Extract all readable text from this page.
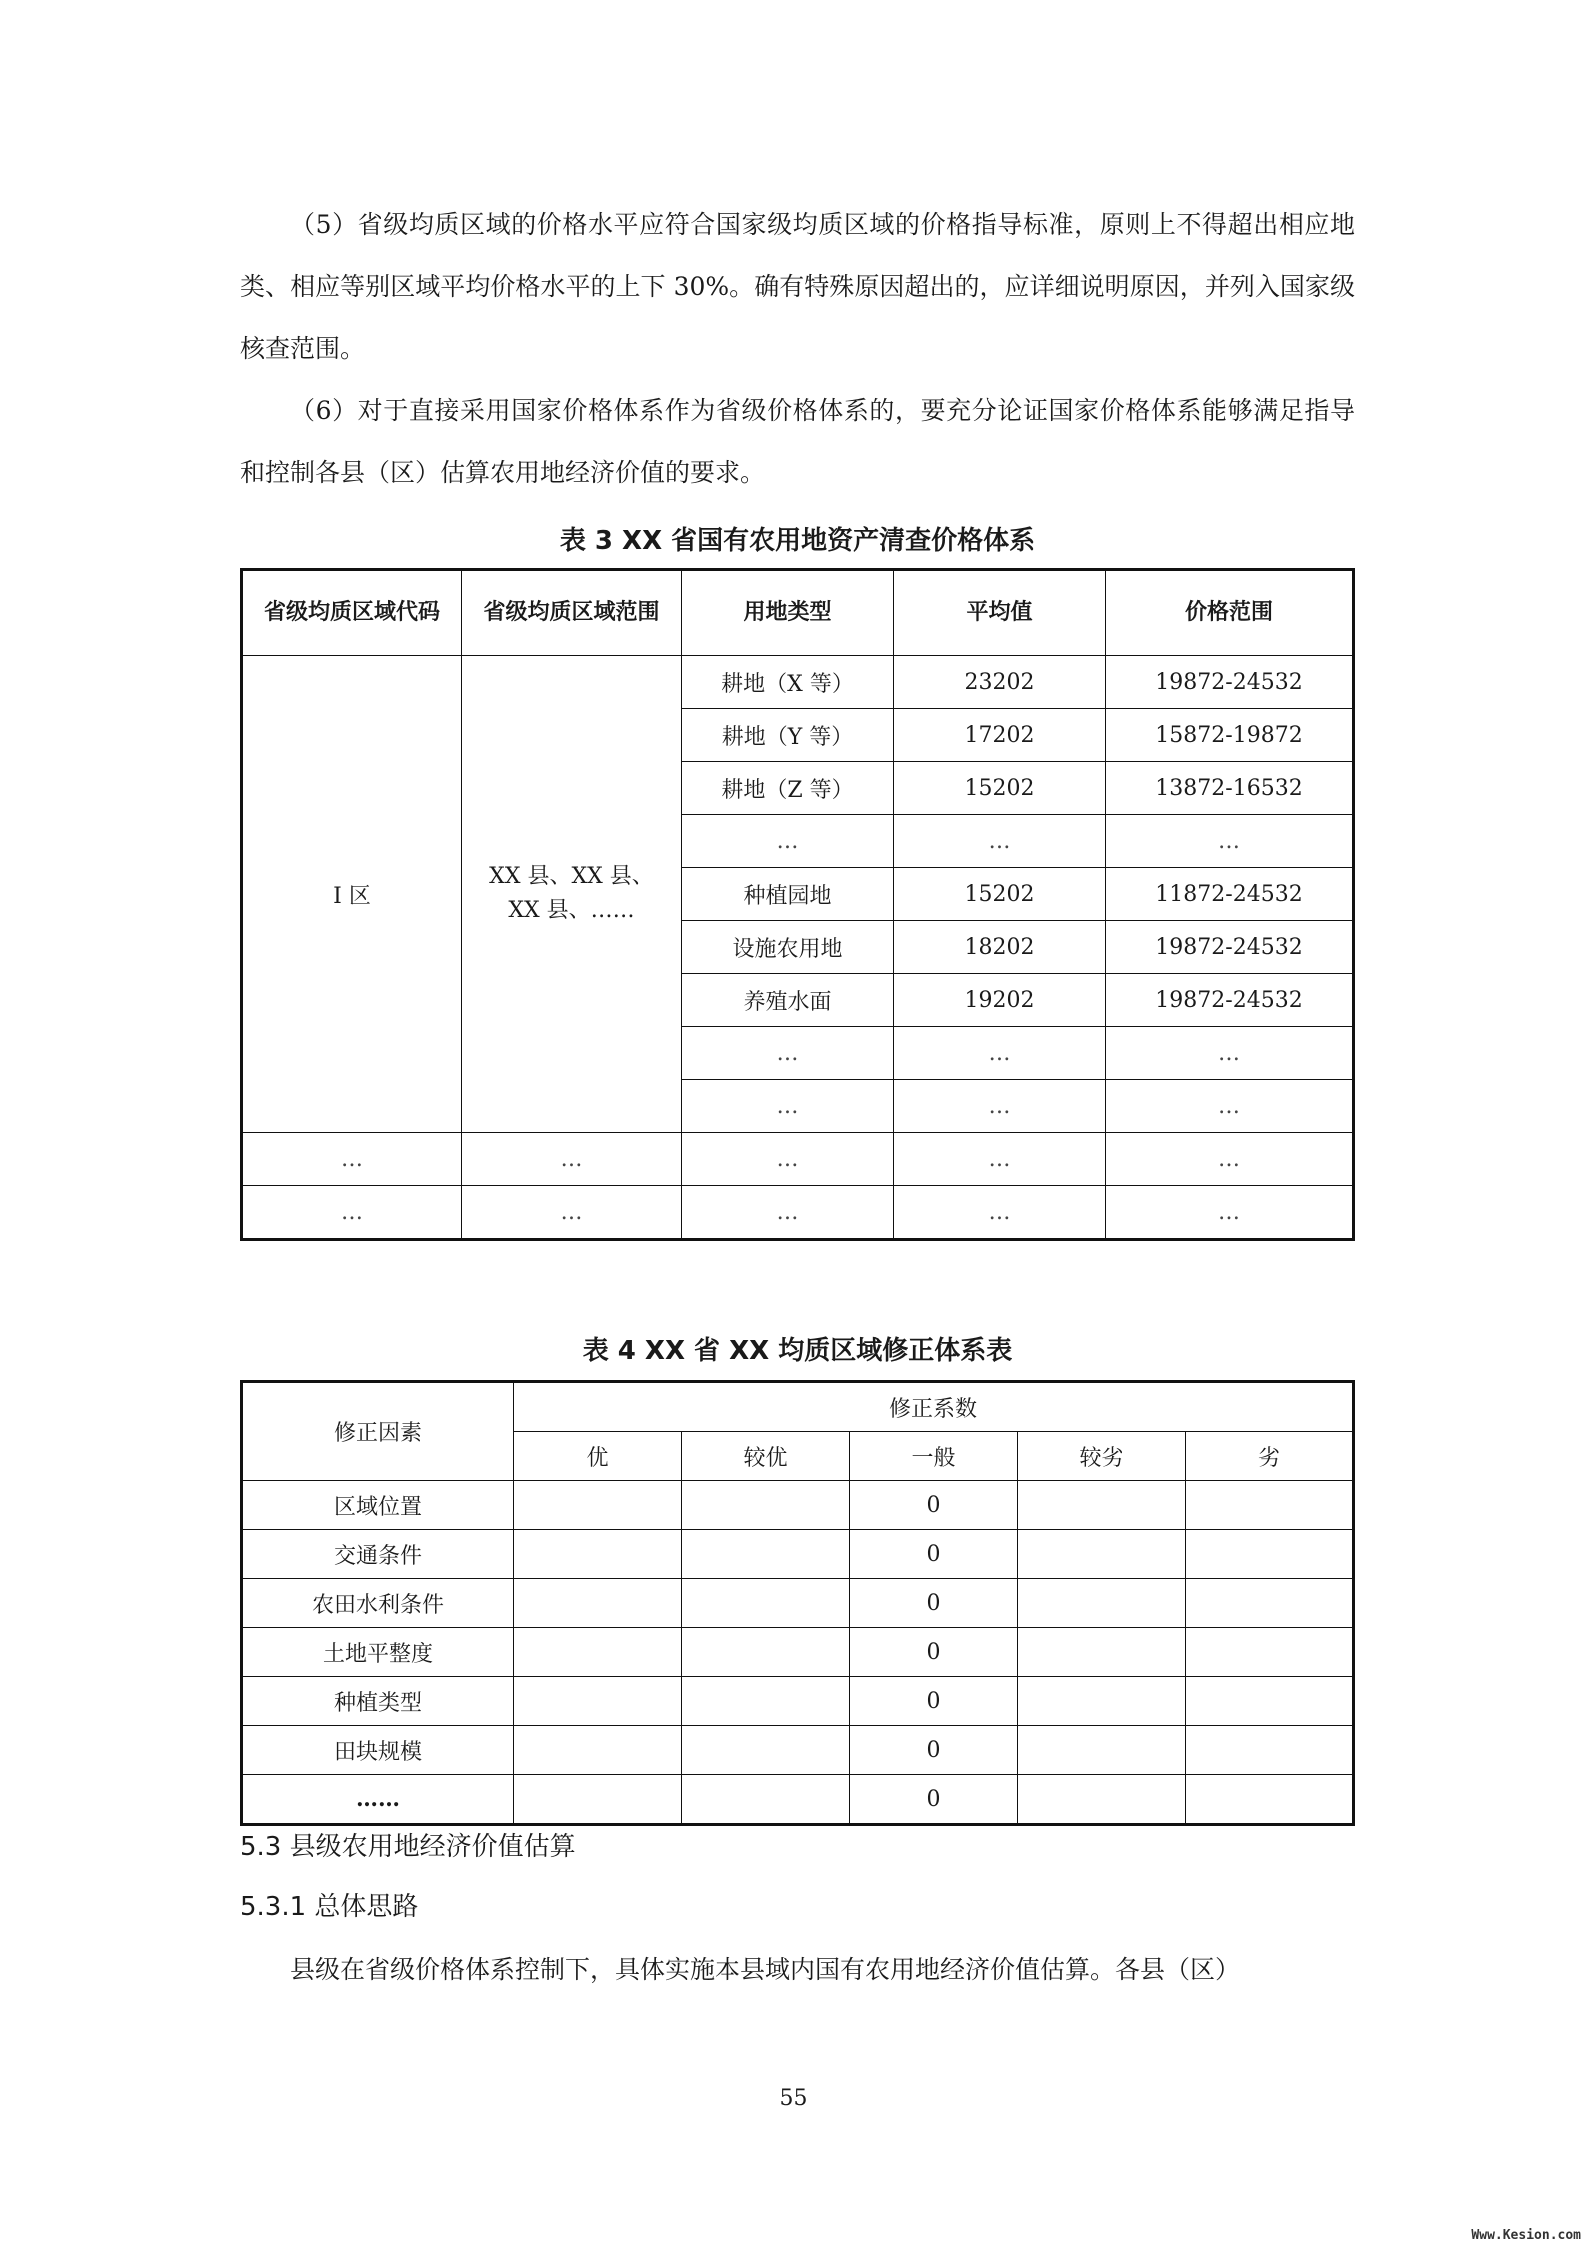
（5）省级均质区域的价格水平应符合国家级均质区域的价格指导标准，原则上不得超出相应地类、相应等别区域平均价格水平的上下 30%。确有特殊原因超出的，应详细说明原因，并列入国家级核查范围。

（6）对于直接采用国家价格体系作为省级价格体系的，要充分论证国家价格体系能够满足指导和控制各县（区）估算农用地经济价值的要求。

表 3 XX 省国有农用地资产清查价格体系

省级均质区域代码	省级均质区域范围	用地类型	平均值	价格范围
I 区	XX 县、XX 县、
XX 县、……	耕地（X 等）	23202	19872-24532
		耕地（Y 等）	17202	15872-19872
		耕地（Z 等）	15202	13872-16532
		…	…	…
		种植园地	15202	11872-24532
		设施农用地	18202	19872-24532
		养殖水面	19202	19872-24532
		…	…	…
		…	…	…
…	…	…	…	…
…	…	…	…	…

表 4 XX 省 XX 均质区域修正体系表

修正因素	修正系数				
	优	较优	一般	较劣	劣
区域位置			0		
交通条件			0		
农田水利条件			0		
土地平整度			0		
种植类型			0		
田块规模			0		
……			0		

5.3 县级农用地经济价值估算

5.3.1 总体思路

县级在省级价格体系控制下，具体实施本县域内国有农用地经济价值估算。各县（区）

55
Www.Kesion.com
